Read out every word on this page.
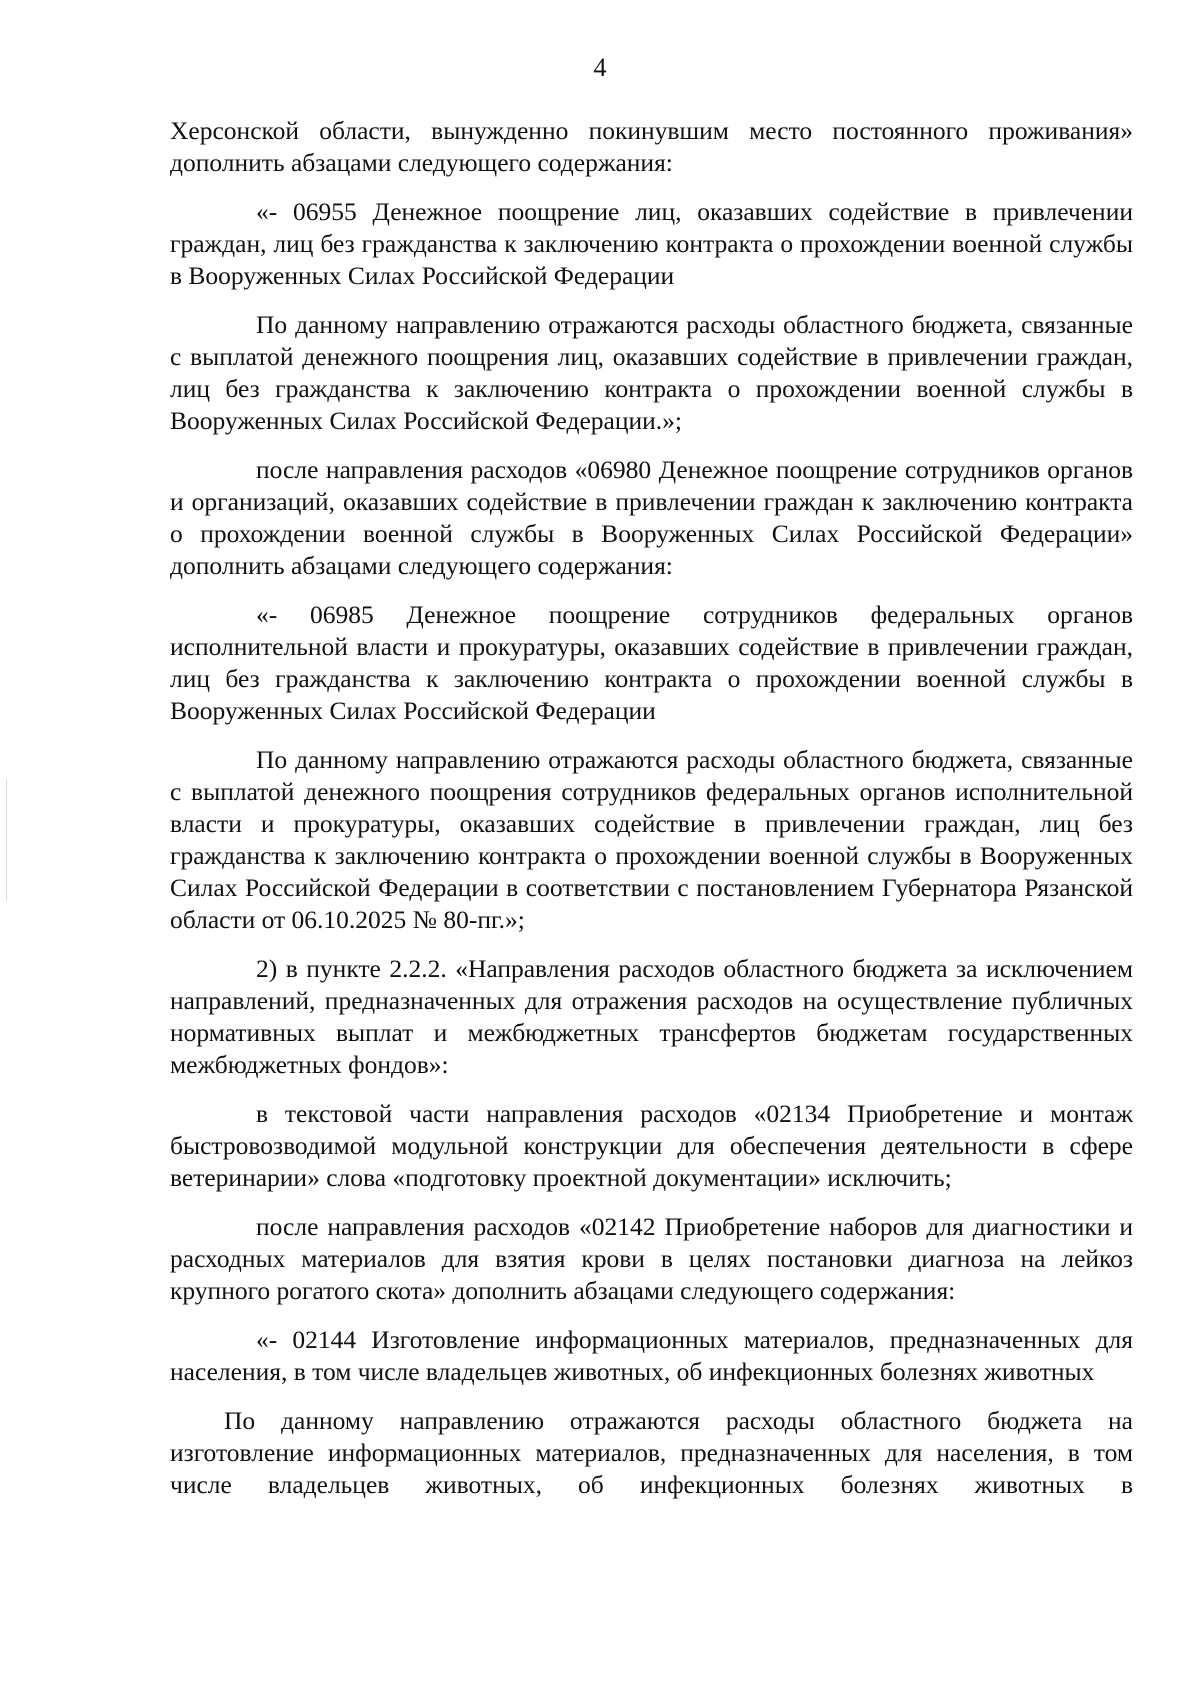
4

Херсонской области, вынужденно покинувшим место постоянного проживания» дополнить абзацами следующего содержания:

«- 06955 Денежное поощрение лиц, оказавших содействие в привлечении граждан, лиц без гражданства к заключению контракта о прохождении военной службы в Вооруженных Силах Российской Федерации

По данному направлению отражаются расходы областного бюджета, связанные с выплатой денежного поощрения лиц, оказавших содействие в привлечении граждан, лиц без гражданства к заключению контракта о прохождении военной службы в Вооруженных Силах Российской Федерации.»;

после направления расходов «06980 Денежное поощрение сотрудников органов и организаций, оказавших содействие в привлечении граждан к заключению контракта о прохождении военной службы в Вооруженных Силах Российской Федерации» дополнить абзацами следующего содержания:

«- 06985 Денежное поощрение сотрудников федеральных органов исполнительной власти и прокуратуры, оказавших содействие в привлечении граждан, лиц без гражданства к заключению контракта о прохождении военной службы в Вооруженных Силах Российской Федерации

По данному направлению отражаются расходы областного бюджета, связанные с выплатой денежного поощрения сотрудников федеральных органов исполнительной власти и прокуратуры, оказавших содействие в привлечении граждан, лиц без гражданства к заключению контракта о прохождении военной службы в Вооруженных Силах Российской Федерации в соответствии с постановлением Губернатора Рязанской области от 06.10.2025 № 80-пг.»;

2) в пункте 2.2.2. «Направления расходов областного бюджета за исключением направлений, предназначенных для отражения расходов на осуществление публичных нормативных выплат и межбюджетных трансфертов бюджетам государственных межбюджетных фондов»:

в текстовой части направления расходов «02134 Приобретение и монтаж быстровозводимой модульной конструкции для обеспечения деятельности в сфере ветеринарии» слова «подготовку проектной документации» исключить;

после направления расходов «02142 Приобретение наборов для диагностики и расходных материалов для взятия крови в целях постановки диагноза на лейкоз крупного рогатого скота» дополнить абзацами следующего содержания:

«- 02144 Изготовление информационных материалов, предназначенных для населения, в том числе владельцев животных, об инфекционных болезнях животных

По данному направлению отражаются расходы областного бюджета на изготовление информационных материалов, предназначенных для населения, в том числе владельцев животных, об инфекционных болезнях животных в
